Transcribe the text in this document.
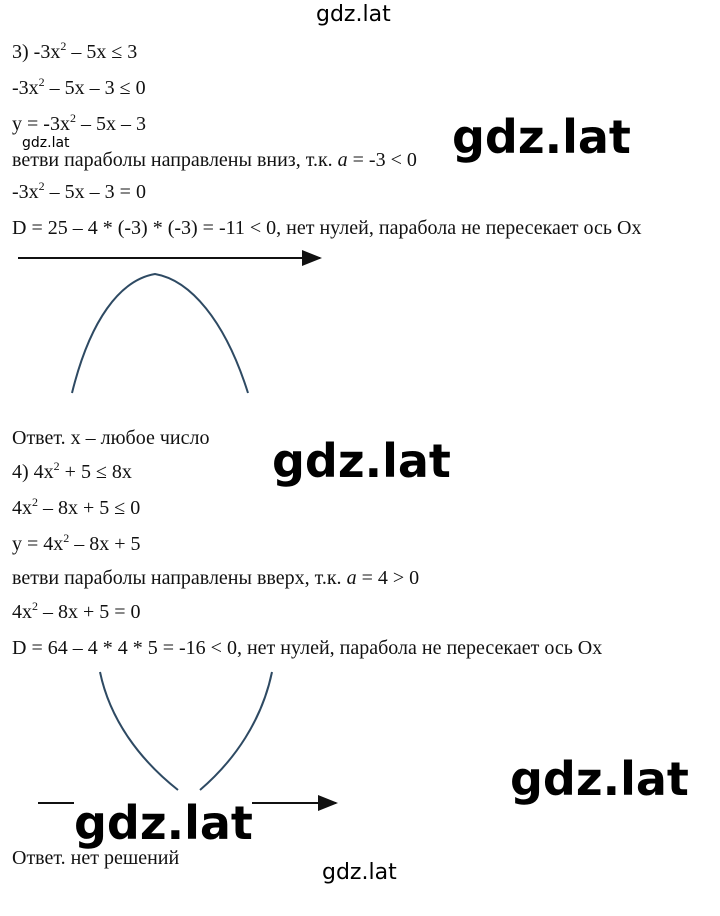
gdz.lat
3) $-3x^2 - 5x \le 3$
$-3x^2 - 5x - 3 \le 0$
$y = -3x^2 - 5x - 3$
gdz.lat
ветви параболы направлены вниз, т.к. a = -3 < 0
$-3x^2 - 5x - 3 = 0$
D = 25 – 4 * (-3) * (-3) = -11 < 0, нет нулей, парабола не пересекает ось Ox
gdz.lat
Ответ. x – любое число gdz.lat
4) $4x^2 + 5 \le 8x$
$4x^2 - 8x + 5 \le 0$
$y = 4x^2 - 8x + 5$
ветви параболы направлены вверх, т.к. a = 4 > 0
$4x^2 - 8x + 5 = 0$
D = 64 – 4 * 4 * 5 = -16 < 0, нет нулей, парабола не пересекает ось Ox
gdz.lat
gdz.lat
Ответ. нет решений
gdz.lat
